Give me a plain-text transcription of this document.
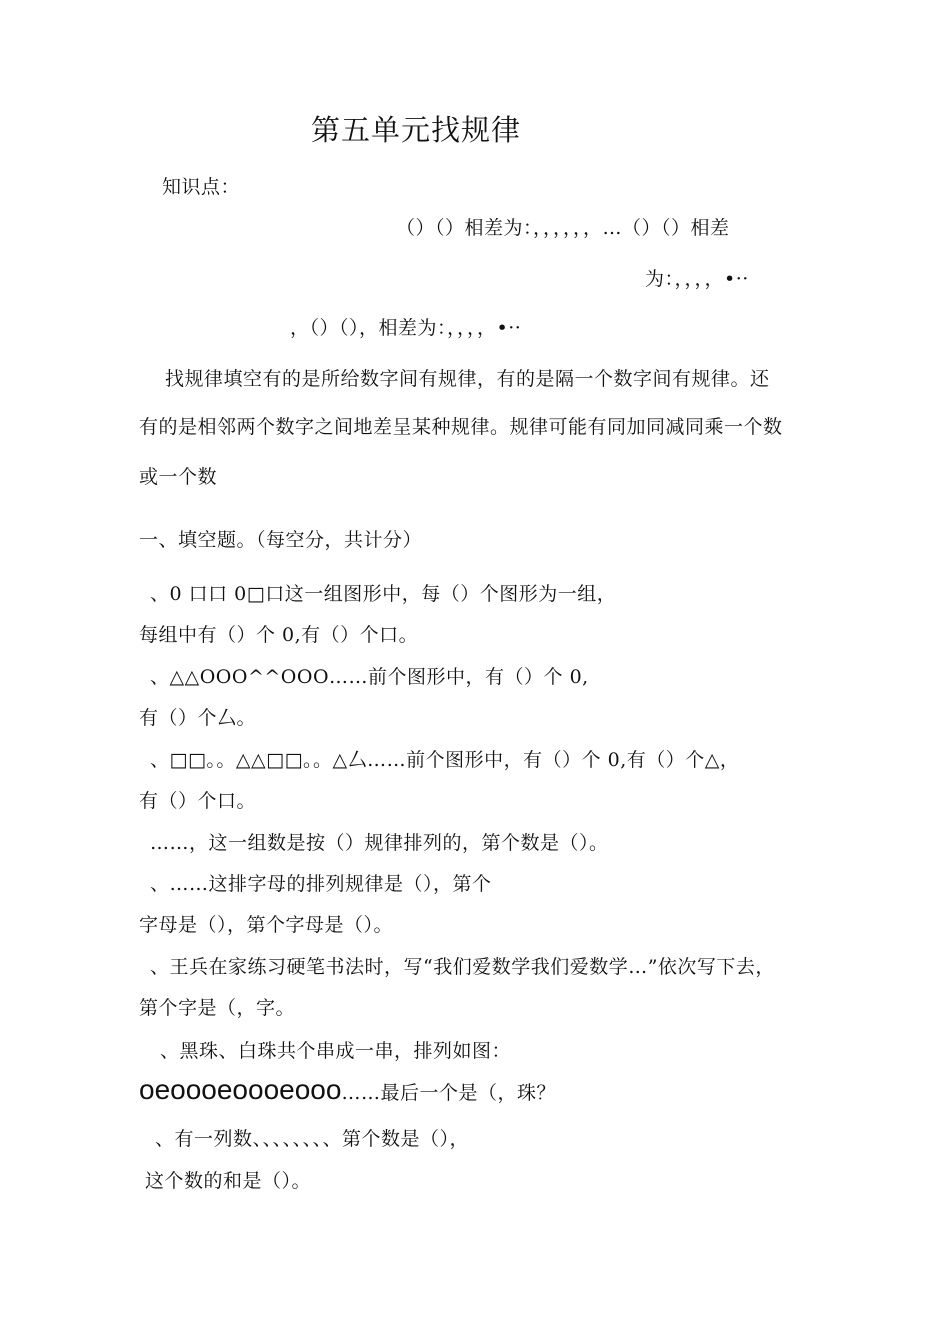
第五单元找规律
知识点：
（）（）相差为：，，，，，，…（）（）相差
为：，，，，•··
，（）（），相差为：，，，，•··
找规律填空有的是所给数字间有规律，有的是隔一个数字间有规律。还
有的是相邻两个数字之间地差呈某种规律。规律可能有同加同减同乘一个数
或一个数
一、填空题。（每空分，共计分）
、0 口口 0□口这一组图形中，每（）个图形为一组，
每组中有（）个 0,有（）个口。
、△△OOO^^OOO……前个图形中，有（）个 0,
有（）个厶。
、□□。。△△□□。。△厶……前个图形中，有（）个 0,有（）个△，
有（）个口。
……，这一组数是按（）规律排列的，第个数是（）。
、……这排字母的排列规律是（），第个
字母是（），第个字母是（）。
、王兵在家练习硬笔书法时，写“我们爱数学我们爱数学…”依次写下去，
第个字是（，字。
、黑珠、白珠共个串成一串，排列如图：
oeoooeoooeooo……最后一个是（，珠？
、有一列数、、、、、、、、第个数是（），
这个数的和是（）。
